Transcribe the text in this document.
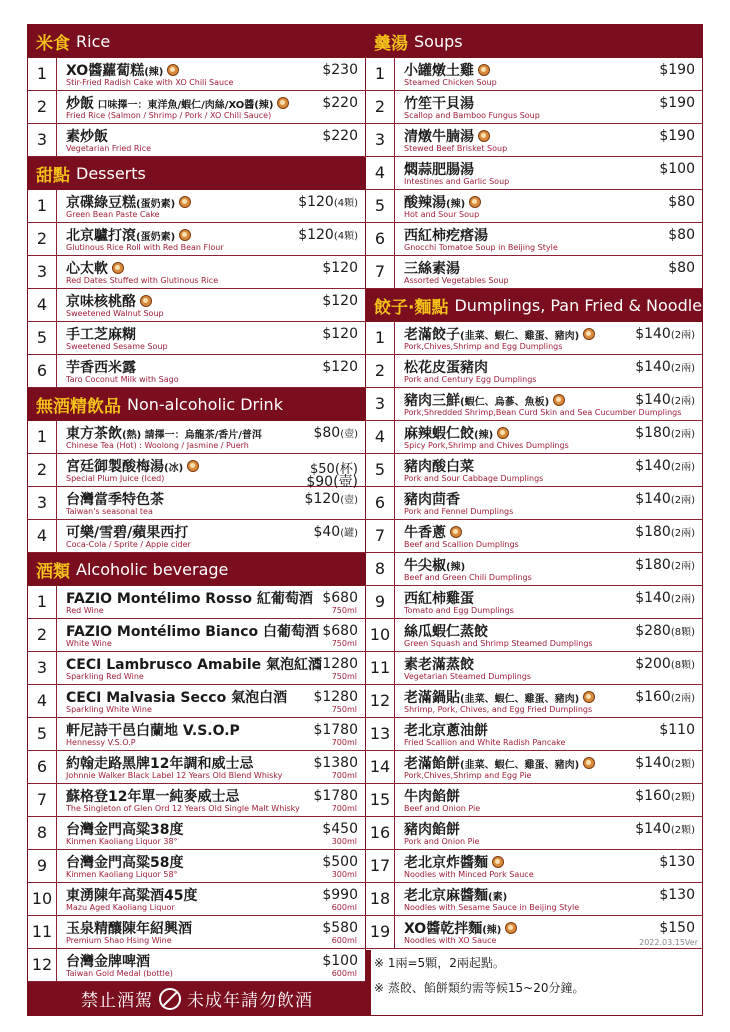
米食 Rice
1	XO醬蘿蔔糕(辣)
Stir-Fried Radish Cake with XO Chili Sauce
$230
2	炒飯 口味擇一：東洋魚/蝦仁/肉絲/XO醬(辣)
Fried Rice (Salmon / Shrimp / Pork / XO Chili Sauce)
$220
3	素炒飯
Vegetarian Fried Rice
$220
甜點 Desserts
1	京碟綠豆糕(蛋奶素)
Green Bean Paste Cake
$120(4顆)
2	北京驢打滾(蛋奶素)
Glutinous Rice Roll with Red Bean Flour
$120(4顆)
3	心太軟
Red Dates Stuffed with Glutinous Rice
$120
4	京味核桃酪
Sweetened Walnut Soup
$120
5	手工芝麻糊
Sweetened Sesame Soup
$120
6	芋香西米露
Taro Coconut Milk with Sago
$120
無酒精飲品 Non-alcoholic Drink
1	東方茶飲(熱) 請擇一：烏龍茶/香片/普洱
Chinese Tea (Hot) : Woolong / Jasmine / Puerh
$80(壺)
2	宮廷御製酸梅湯(冰)
Special Plum Juice (Iced)
$50(杯)
$90(壺)
3	台灣當季特色茶
Taiwan's seasonal tea
$120(壺)
4	可樂/雪碧/蘋果西打
Coca-Cola / Sprite / Appie cider
$40(罐)
酒類 Alcoholic beverage
1	FAZIO Montélimo Rosso 紅葡萄酒
Red Wine
$680
750ml
2	FAZIO Montélimo Bianco 白葡萄酒
White Wine
$680
750ml
3	CECI Lambrusco Amabile 氣泡紅酒
Sparkling Red Wine
$1280
750ml
4	CECI Malvasia Secco 氣泡白酒
Sparkling White Wine
$1280
750ml
5	軒尼詩干邑白蘭地 V.S.O.P
Hennessy V.S.O.P
$1780
700ml
6	約翰走路黑牌12年調和威士忌
Johnnie Walker Black Label 12 Years Old Blend Whisky
$1380
700ml
7	蘇格登12年單一純麥威士忌
The Singleton of Glen Ord 12 Years Old Single Malt Whisky
$1780
700ml
8	台灣金門高粱38度
Kinmen Kaoliang Liquor 38°
$450
300ml
9	台灣金門高粱58度
Kinmen Kaoliang Liquor 58°
$500
300ml
10 東湧陳年高粱酒45度
Mazu Aged Kaoliang Liquor
$990
600ml
11 玉泉精釀陳年紹興酒
Premium Shao Hsing Wine
$580
600ml
12 台灣金牌啤酒
Taiwan Gold Medal (bottle)
$100
600ml
禁止酒駕 未成年請勿飲酒
羹湯 Soups
1	小罐燉土雞
Steamed Chicken Soup
$190
2	竹笙干貝湯
Scallop and Bamboo Fungus Soup
$190
3	清燉牛腩湯
Stewed Beef Brisket Soup
$190
4	燜蒜肥腸湯
Intestines and Garlic Soup
$100
5	酸辣湯(辣)
Hot and Sour Soup
$80
6	西紅柿疙瘩湯
Gnocchi Tomatoe Soup in Beijing Style
$80
7	三絲素湯
Assorted Vegetables Soup
$80
餃子·麵點 Dumplings, Pan Fried & Noodles
1	老滿餃子(韭菜、蝦仁、雞蛋、豬肉)
Pork,Chives,Shrimp and Egg Dumplings
$140(2兩)
2	松花皮蛋豬肉
Pork and Century Egg Dumplings
$140(2兩)
3	豬肉三鮮(蝦仁、烏蔘、魚板)
Pork,Shredded Shrimp,Bean Curd Skin and Sea Cucumber Dumplings
$140(2兩)
4	麻辣蝦仁餃(辣)
Spicy Pork,Shrimp and Chives Dumplings
$180(2兩)
5	豬肉酸白菜
Pork and Sour Cabbage Dumplings
$140(2兩)
6	豬肉茴香
Pork and Fennel Dumplings
$140(2兩)
7	牛香蔥
Beef and Scallion Dumplings
$180(2兩)
8	牛尖椒(辣)
Beef and Green Chili Dumplings
$180(2兩)
9	西紅柿雞蛋
Tomato and Egg Dumplings
$140(2兩)
10 絲瓜蝦仁蒸餃
Green Squash and Shrimp Steamed Dumplings
$280(8顆)
11 素老滿蒸餃
Vegetarian Steamed Dumplings
$200(8顆)
12 老滿鍋貼(韭菜、蝦仁、雞蛋、豬肉)
Shrimp, Pork, Chives, and Egg Fried Dumplings
$160(2兩)
13 老北京蔥油餅
Fried Scallion and White Radish Pancake
$110
14 老滿餡餅(韭菜、蝦仁、雞蛋、豬肉)
Pork,Chives,Shrimp and Egg Pie
$140(2顆)
15 牛肉餡餅
Beef and Onion Pie
$160(2顆)
16 豬肉餡餅
Pork and Onion Pie
$140(2顆)
17 老北京炸醬麵
Noodles with Minced Pork Sauce
$130
18 老北京麻醬麵(素)
Noodles with Sesame Sauce in Beijing Style
$130
19 XO醬乾拌麵(辣)
Noodles with XO Sauce
$150
※ 1兩=5顆，2兩起點。
※ 蒸餃、餡餅類約需等候15~20分鐘。
2022.03.15Ver
